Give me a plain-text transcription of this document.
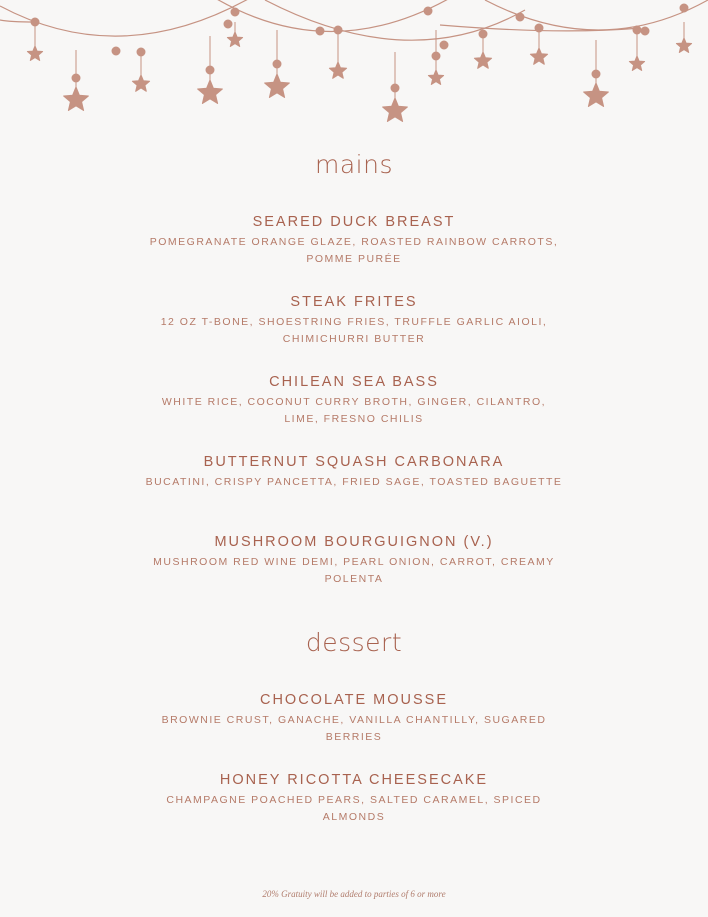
mains
SEARED DUCK BREAST
POMEGRANATE ORANGE GLAZE, ROASTED RAINBOW CARROTS, POMME PURÉE
STEAK FRITES
12 OZ T-BONE, SHOESTRING FRIES, TRUFFLE GARLIC AIOLI, CHIMICHURRI BUTTER
CHILEAN SEA BASS
WHITE RICE, COCONUT CURRY BROTH, GINGER, CILANTRO, LIME, FRESNO CHILIS
BUTTERNUT SQUASH CARBONARA
BUCATINI, CRISPY PANCETTA, FRIED SAGE, TOASTED BAGUETTE
MUSHROOM BOURGUIGNON (V.)
MUSHROOM RED WINE DEMI, PEARL ONION, CARROT, CREAMY POLENTA
dessert
CHOCOLATE MOUSSE
BROWNIE CRUST, GANACHE, VANILLA CHANTILLY, SUGARED BERRIES
HONEY RICOTTA CHEESECAKE
CHAMPAGNE POACHED PEARS, SALTED CARAMEL, SPICED ALMONDS
20% Gratuity will be added to parties of 6 or more
